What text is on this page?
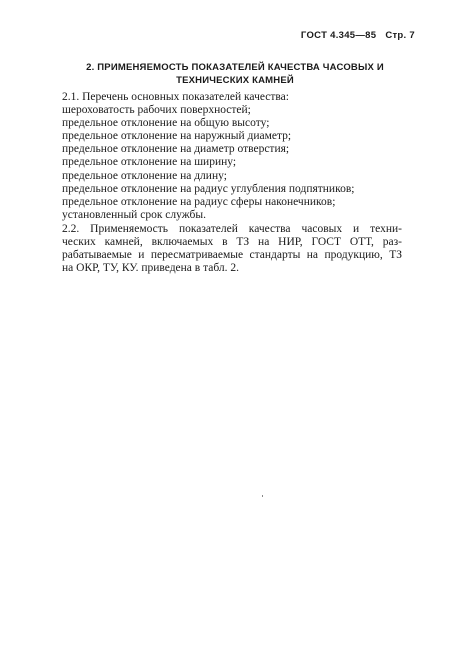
ГОСТ 4.345—85 Стр. 7
2. ПРИМЕНЯЕМОСТЬ ПОКАЗАТЕЛЕЙ КАЧЕСТВА ЧАСОВЫХ И
ТЕХНИЧЕСКИХ КАМНЕЙ
2.1. Перечень основных показателей качества:
шероховатость рабочих поверхностей;
предельное отклонение на общую высоту;
предельное отклонение на наружный диаметр;
предельное отклонение на диаметр отверстия;
предельное отклонение на ширину;
предельное отклонение на длину;
предельное отклонение на радиус углубления подпятников;
предельное отклонение на радиус сферы наконечников;
установленный срок службы.
2.2. Применяемость показателей качества часовых и техни-
ческих камней, включаемых в ТЗ на НИР, ГОСТ ОТТ, раз-
рабатываемые и пересматриваемые стандарты на продукцию, ТЗ
на ОКР, ТУ, КУ. приведена в табл. 2.
